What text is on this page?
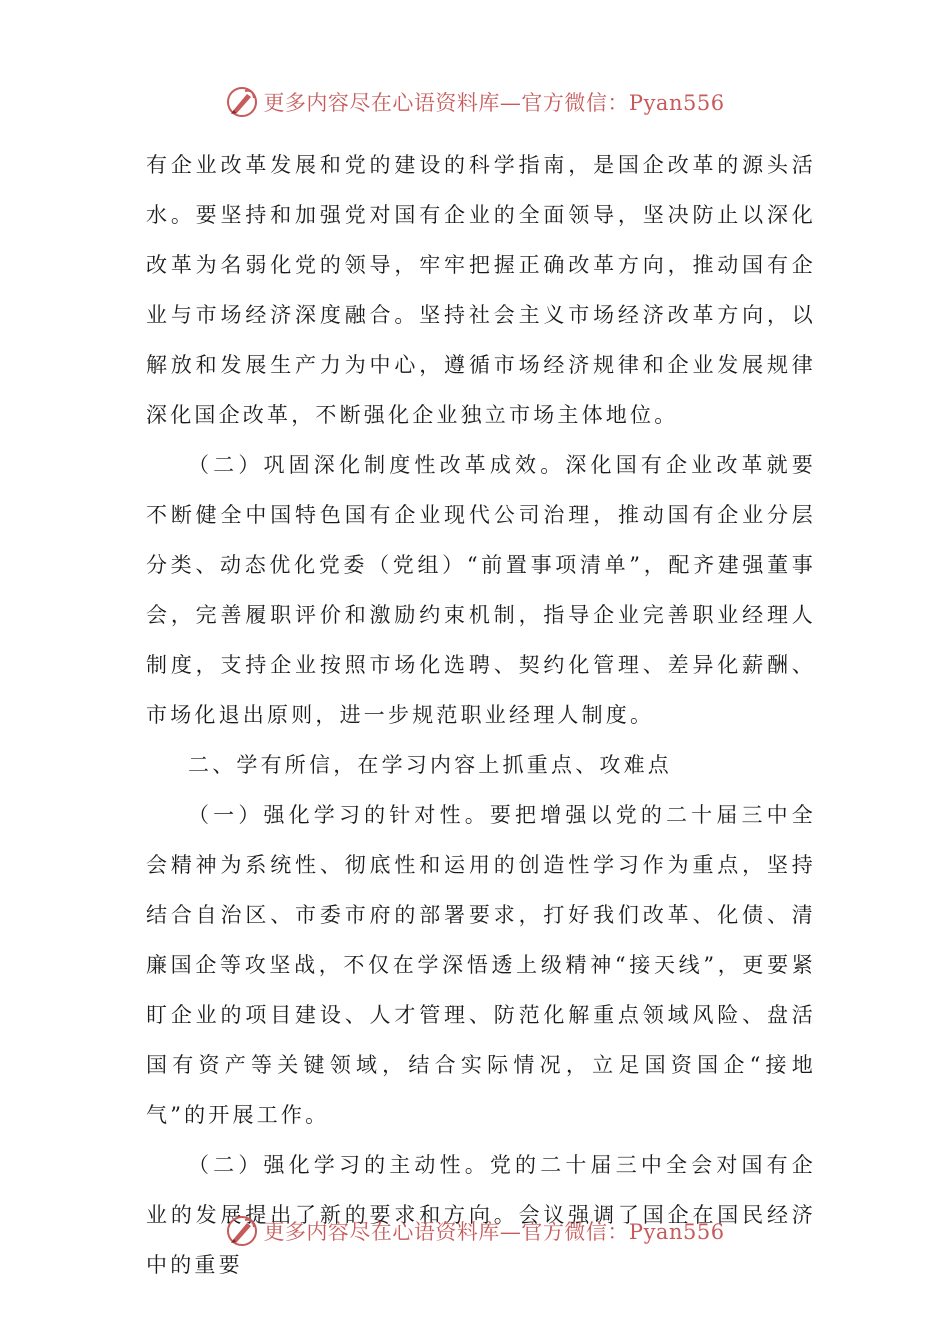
更多内容尽在心语资料库—官方微信：Pyan556

有企业改革发展和党的建设的科学指南，是国企改革的源头活水。要坚持和加强党对国有企业的全面领导，坚决防止以深化改革为名弱化党的领导，牢牢把握正确改革方向，推动国有企业与市场经济深度融合。坚持社会主义市场经济改革方向，以解放和发展生产力为中心，遵循市场经济规律和企业发展规律深化国企改革，不断强化企业独立市场主体地位。

（二）巩固深化制度性改革成效。深化国有企业改革就要不断健全中国特色国有企业现代公司治理，推动国有企业分层分类、动态优化党委（党组）“前置事项清单”，配齐建强董事会，完善履职评价和激励约束机制，指导企业完善职业经理人制度，支持企业按照市场化选聘、契约化管理、差异化薪酬、市场化退出原则，进一步规范职业经理人制度。

二、学有所信，在学习内容上抓重点、攻难点

（一）强化学习的针对性。要把增强以党的二十届三中全会精神为系统性、彻底性和运用的创造性学习作为重点，坚持结合自治区、市委市府的部署要求，打好我们改革、化债、清廉国企等攻坚战，不仅在学深悟透上级精神“接天线”，更要紧盯企业的项目建设、人才管理、防范化解重点领域风险、盘活国有资产等关键领域，结合实际情况，立足国资国企“接地气”的开展工作。

（二）强化学习的主动性。党的二十届三中全会对国有企业的发展提出了新的要求和方向。会议强调了国企在国民经济中的重要

更多内容尽在心语资料库—官方微信：Pyan556
